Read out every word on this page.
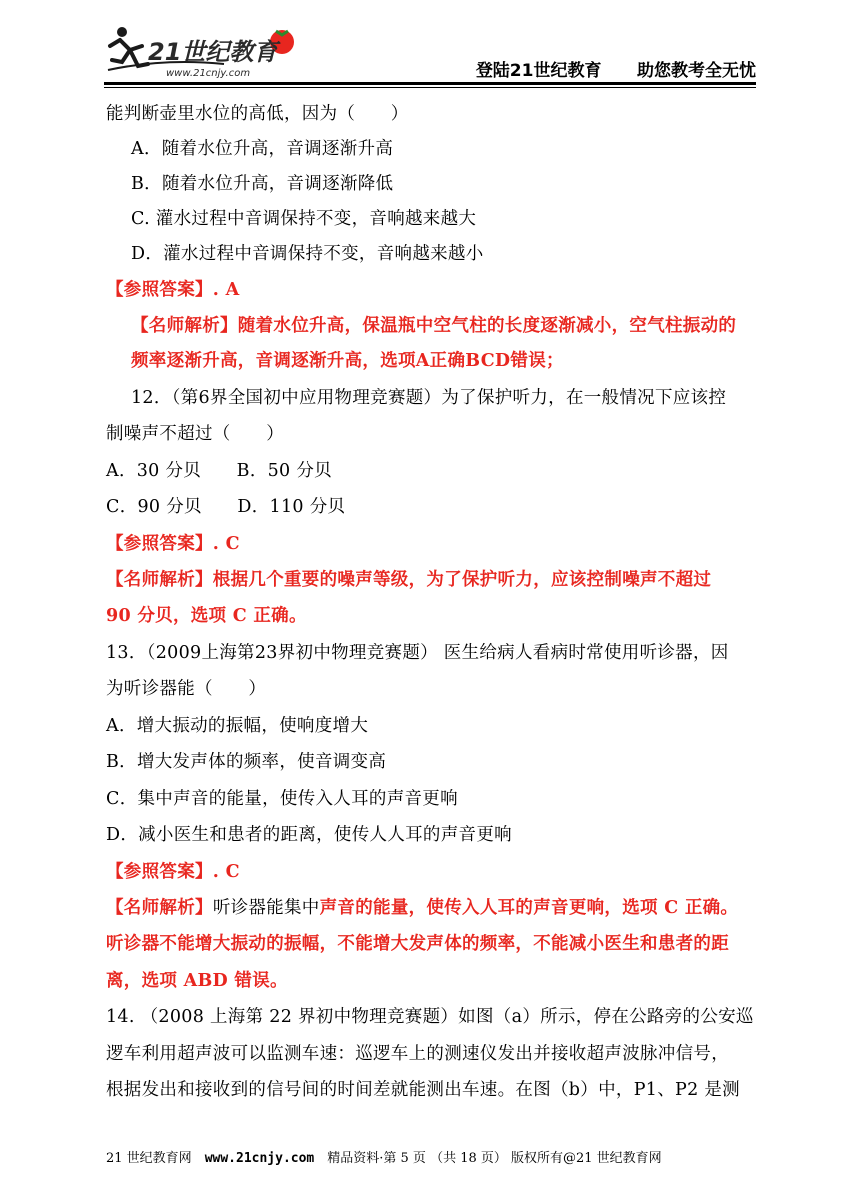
21世纪教育
www.21cnjy.com	登陆21世纪教育 助您教考全无忧
能判断壶里水位的高低，因为（　　）
A．随着水位升高，音调逐渐升高
B．随着水位升高，音调逐渐降低
C. 灌水过程中音调保持不变，音响越来越大
D．灌水过程中音调保持不变，音响越来越小
【参照答案】. A
【名师解析】随着水位升高，保温瓶中空气柱的长度逐渐减小，空气柱振动的
频率逐渐升高，音调逐渐升高，选项A正确BCD错误；
12．（第6界全国初中应用物理竞赛题）为了保护听力，在一般情况下应该控
制噪声不超过（　　）
A．30 分贝　　B．50 分贝
C．90 分贝　　D．110 分贝
【参照答案】. C
【名师解析】根据几个重要的噪声等级，为了保护听力，应该控制噪声不超过
90 分贝，选项 C 正确。
13．（2009上海第23界初中物理竞赛题） 医生给病人看病时常使用听诊器，因
为听诊器能（　　）
A．增大振动的振幅，使响度增大
B．增大发声体的频率，使音调变高
C．集中声音的能量，使传入人耳的声音更响
D．减小医生和患者的距离，使传人人耳的声音更响
【参照答案】. C
【名师解析】听诊器能集中声音的能量，使传入人耳的声音更响，选项 C 正确。
听诊器不能增大振动的振幅，不能增大发声体的频率，不能减小医生和患者的距
离，选项 ABD 错误。
14. （2008 上海第 22 界初中物理竞赛题）如图（a）所示，停在公路旁的公安巡
逻车利用超声波可以监测车速：巡逻车上的测速仪发出并接收超声波脉冲信号，
根据发出和接收到的信号间的时间差就能测出车速。在图（b）中，P1、P2 是测
21 世纪教育网　www.21cnjy.com　精品资料·第 5 页 （共 18 页） 版权所有@21 世纪教育网
